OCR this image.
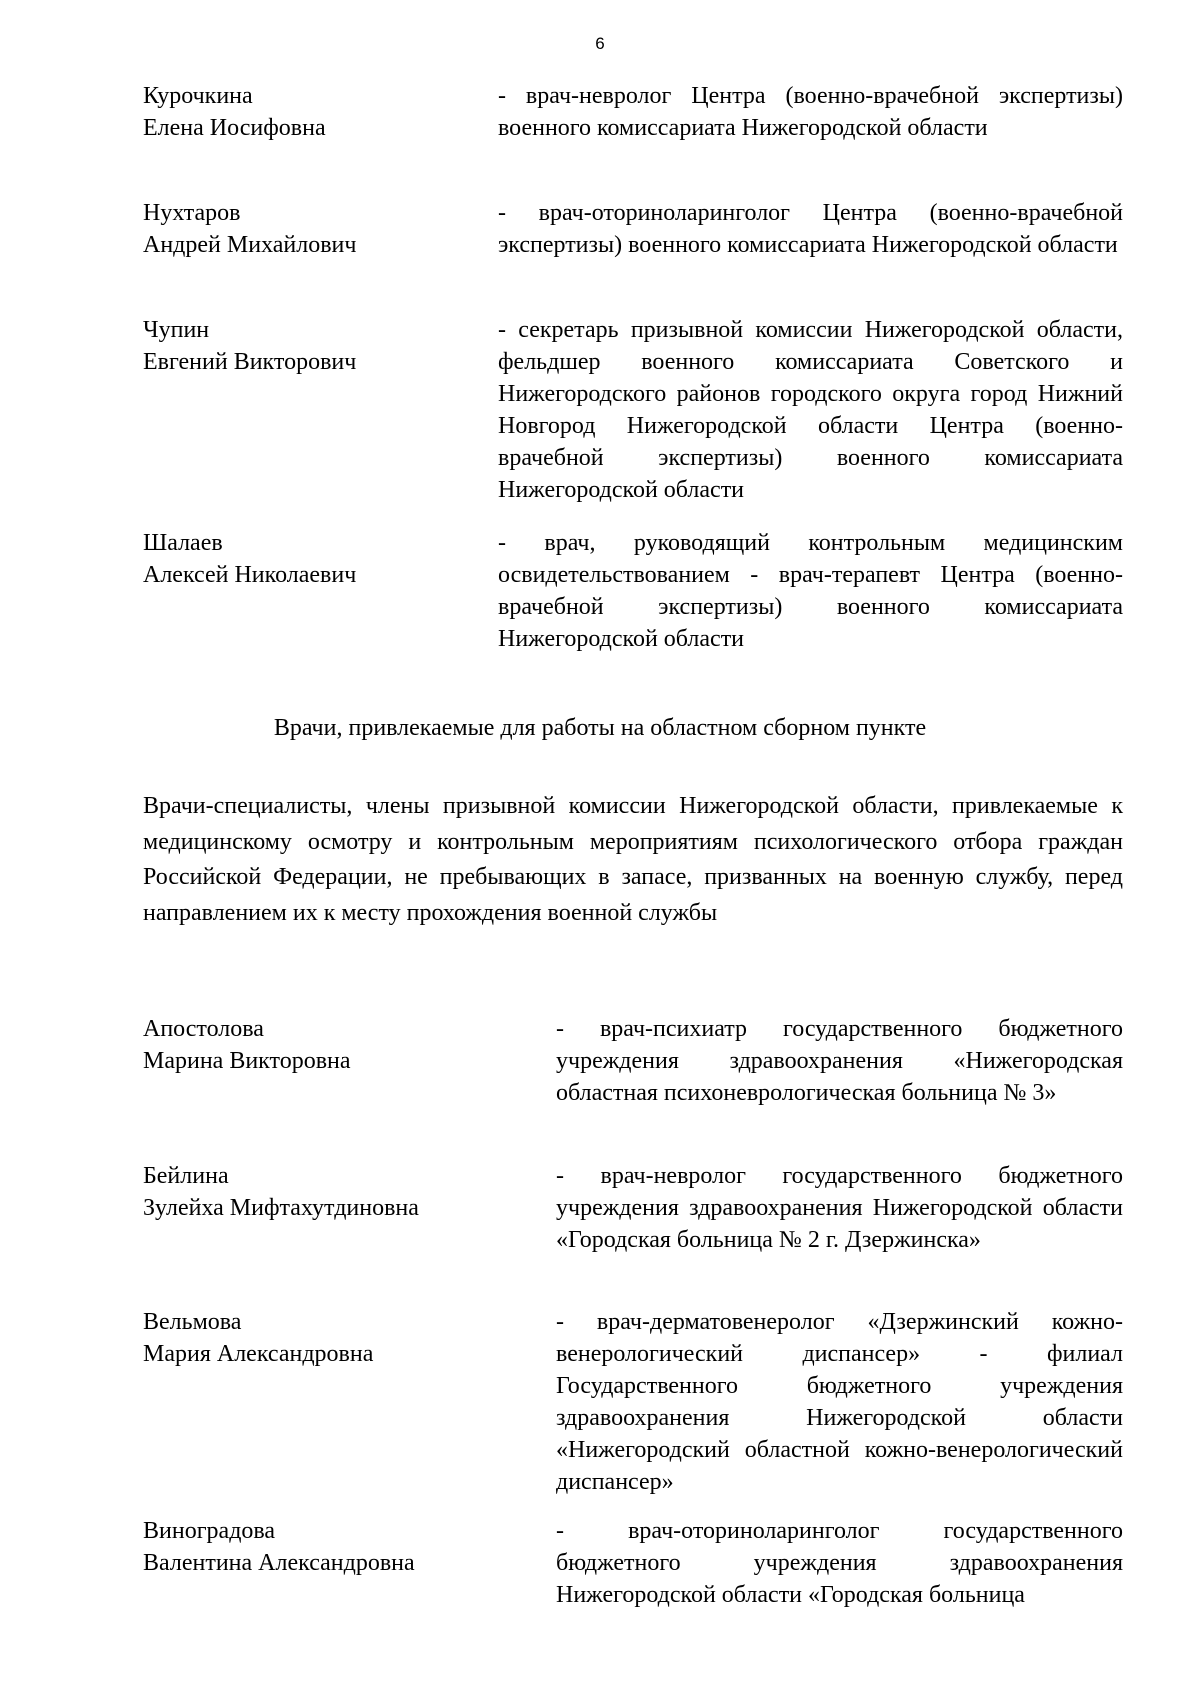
6
Курочкина
Елена Иосифовна
- врач-невролог Центра (военно-врачебной экспертизы) военного комиссариата Нижегородской области
Нухтаров
Андрей Михайлович
- врач-оториноларинголог Центра (военно-врачебной экспертизы) военного комиссариата Нижегородской области
Чупин
Евгений Викторович
- секретарь призывной комиссии Нижегородской области, фельдшер военного комиссариата Советского и Нижегородского районов городского округа город Нижний Новгород Нижегородской области Центра (военно-врачебной экспертизы) военного комиссариата Нижегородской области
Шалаев
Алексей Николаевич
- врач, руководящий контрольным медицинским освидетельствованием - врач-терапевт Центра (военно-врачебной экспертизы) военного комиссариата Нижегородской области
Врачи, привлекаемые для работы на областном сборном пункте
Врачи-специалисты, члены призывной комиссии Нижегородской области, привлекаемые к медицинскому осмотру и контрольным мероприятиям психологического отбора граждан Российской Федерации, не пребывающих в запасе, призванных на военную службу, перед направлением их к месту прохождения военной службы
Апостолова
Марина Викторовна
- врач-психиатр государственного бюджетного учреждения здравоохранения «Нижегородская областная психоневрологическая больница № 3»
Бейлина
Зулейха Мифтахутдиновна
- врач-невролог государственного бюджетного учреждения здравоохранения Нижегородской области «Городская больница № 2 г. Дзержинска»
Вельмова
Мария Александровна
- врач-дерматовенеролог «Дзержинский кожно-венерологический диспансер» - филиал Государственного бюджетного учреждения здравоохранения Нижегородской области «Нижегородский областной кожно-венерологический диспансер»
Виноградова
Валентина Александровна
- врач-оториноларинголог государственного бюджетного учреждения здравоохранения Нижегородской области «Городская больница
